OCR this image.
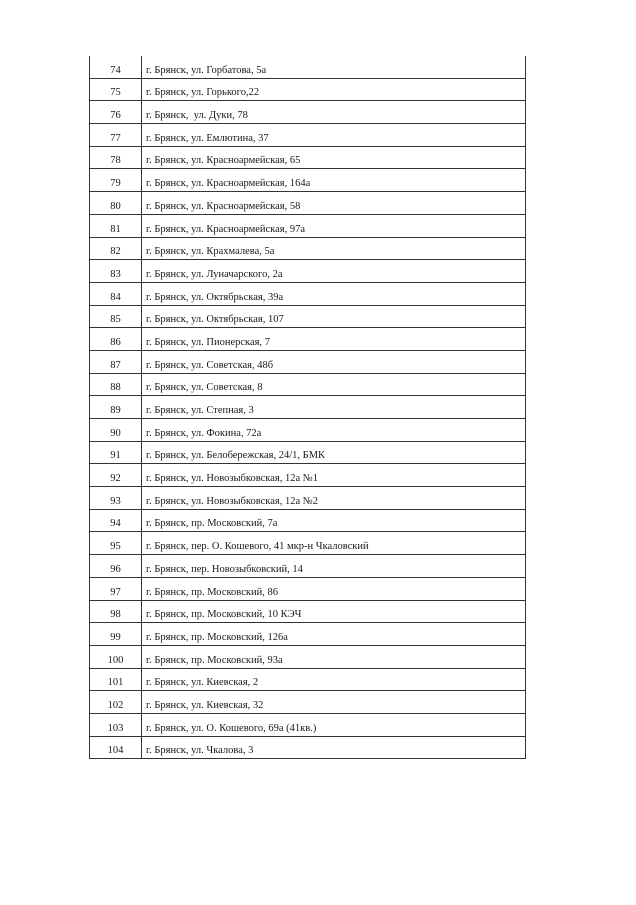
74	г. Брянск, ул. Горбатова, 5а
75	г. Брянск, ул. Горького,22
76	г. Брянск,  ул. Дуки, 78
77	г. Брянск, ул. Емлютина, 37
78	г. Брянск, ул. Красноармейская, 65
79	г. Брянск, ул. Красноармейская, 164а
80	г. Брянск, ул. Красноармейская, 58
81	г. Брянск, ул. Красноармейская, 97а
82	г. Брянск, ул. Крахмалева, 5а
83	г. Брянск, ул. Луначарского, 2а
84	г. Брянск, ул. Октябрьская, 39а
85	г. Брянск, ул. Октябрьская, 107
86	г. Брянск, ул. Пионерская, 7
87	г. Брянск, ул. Советская, 48б
88	г. Брянск, ул. Советская, 8
89	г. Брянск, ул. Степная, 3
90	г. Брянск, ул. Фокина, 72а
91	г. Брянск, ул. Белобережская, 24/1, БМК
92	г. Брянск, ул. Новозыбковская, 12а №1
93	г. Брянск, ул. Новозыбковская, 12а №2
94	г. Брянск, пр. Московский, 7а
95	г. Брянск, пер. О. Кошевого, 41 мкр-н Чкаловский
96	г. Брянск, пер. Новозыбковский, 14
97	г. Брянск, пр. Московский, 86
98	г. Брянск, пр. Московский, 10 КЭЧ
99	г. Брянск, пр. Московский, 126а
100	г. Брянск, пр. Московский, 93а
101	г. Брянск, ул. Киевская, 2
102	г. Брянск, ул. Киевская, 32
103	г. Брянск, ул. О. Кошевого, 69а (41кв.)
104	г. Брянск, ул. Чкалова, 3
